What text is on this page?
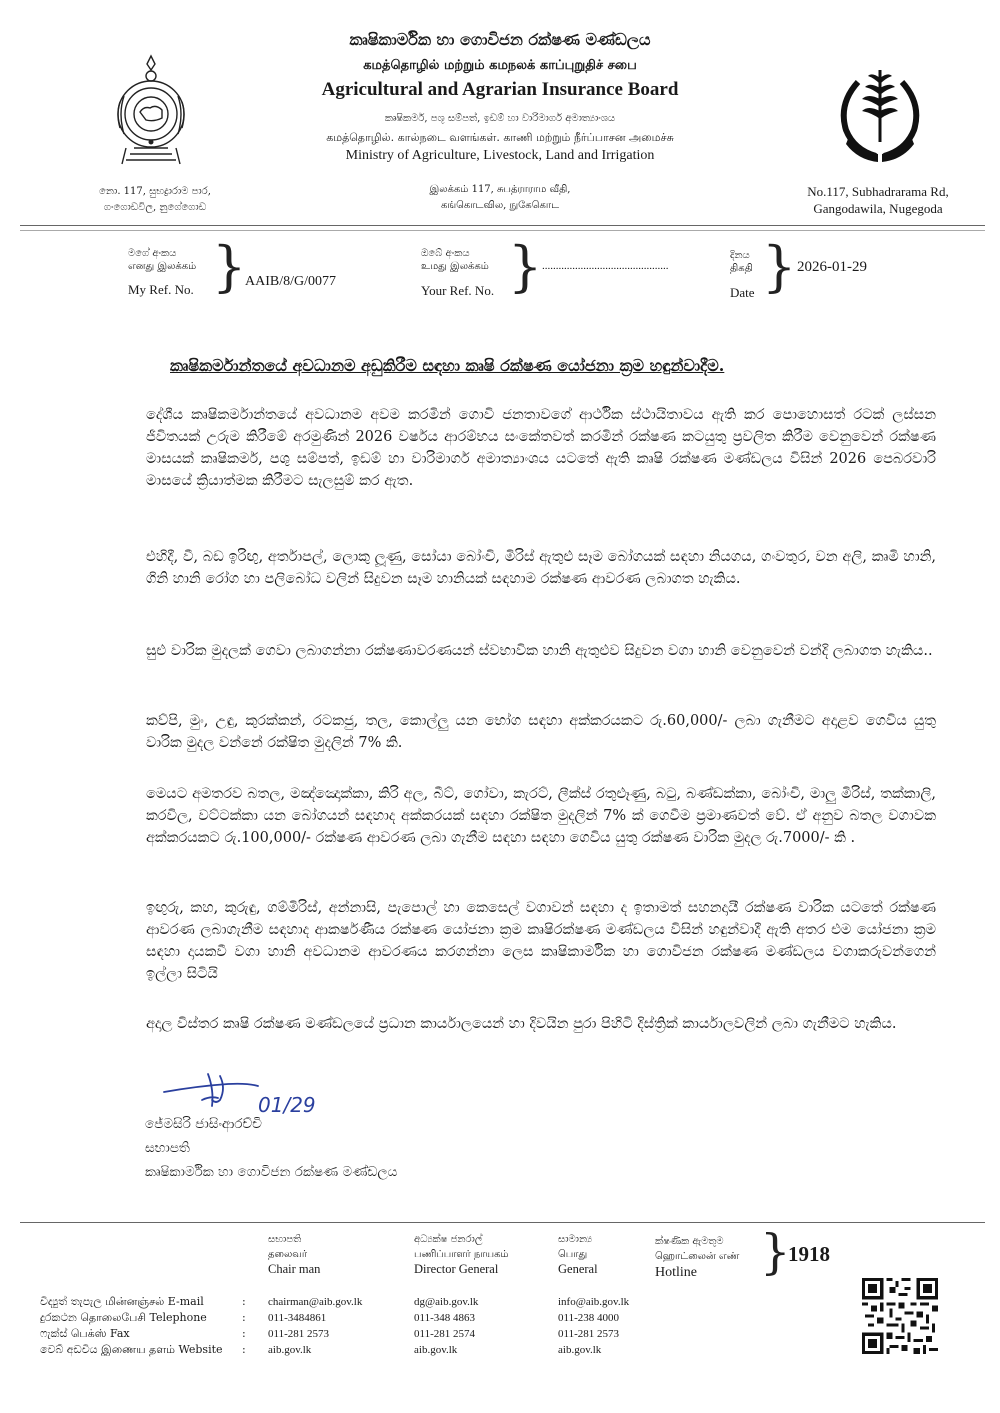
කෘෂිකාර්මික හා ගොවිජන රක්ෂණ මණ්ඩලය
கமத்தொழில் மற்றும் கமநலக் காப்புறுதிச் சபை
Agricultural and Agrarian Insurance Board
කෘෂිකර්ම, පශු සම්පත්, ඉඩම් හා වාරිමාර්ග අමාත්‍යාංශය
கமத்தொழில். கால்நடை வளங்கள். காணி மற்றும் நீர்ப்பாசன அமைச்சு
Ministry of Agriculture, Livestock, Land and Irrigation
නො. 117, සුභද්‍රාරාම පාර,
ගංගොඩවිල, නුගේගොඩ
இலக்கம் 117, சுபத்ராராம வீதி,
கங்கொடவில, நுகேகொட
No.117, Subhadrarama Rd,
Gangodawila, Nugegoda
මගේ අංකය
எனது இலக்கம்
My Ref. No. }
AAIB/8/G/0077
ඔබේ අංකය
உமது இலக்கம்
Your Ref. No. } ..............................................
දිනය
திகதி
Date } 2026-01-29
කෘෂිකර්මාන්තයේ අවධානම අඩුකිරීම සඳහා කෘෂි රක්ෂණ යෝජනා ක්‍රම හඳුන්වාදීම.
දේශීය කෘෂිකර්මාන්තයේ අවධානම අවම කරමින් ගොවි ජනතාවගේ ආර්ථික ස්ථායිතාවය ඇති කර පොහොසත් රටක් ලස්සන ජීවිතයක් උරුම කිරීමේ අරමුණින් 2026 වර්ෂය ආරම්භය සංකේතවත් කරමින් රක්ෂණ කටයුතු ප්‍රවලිත කිරීම වෙනුවෙන් රක්ෂණ මාසයක් කෘෂිකර්ම, පශු සම්පත්, ඉඩම් හා වාරිමාර්ග අමාත්‍යාංශය යටතේ ඇති කෘෂි රක්ෂණ මණ්ඩලය විසින් 2026 පෙබරවාරි මාසයේ ක්‍රියාත්මක කිරීමට සැලසුම් කර ඇත.
එහිදී, වී, බඩ ඉරිඟු, අර්තාපල්, ලොකු ලූණු, සෝයා බෝංචි, මිරිස් ඇතුළු සෑම බෝගයක් සඳහා නියගය, ගංවතුර, වන අලි, කෘමි හානි, ගිනි හානි රෝග හා පලිබෝධ වලින් සිදුවන සෑම හානියක් සඳහාම රක්ෂණ ආවරණ ලබාගත හැකිය.
සුළු වාරික මුදලක් ගෙවා ලබාගන්නා රක්ෂණාවරණයන් ස්වභාවික හානි ඇතුළුව සිදුවන වගා හානි වෙනුවෙන් වන්දි ලබාගත හැකිය..
කව්පි, මුං, උඳු, කුරක්කන්, රටකජු, තල, කොල්ලු යන භෝග සඳහා අක්කරයකට රු.60,000/- ලබා ගැනීමට අදාළව ගෙවිය යුතු වාරික මුදල වන්නේ රක්ෂිත මුදලින් 7% කි.
මෙයට අමතරව බතල, මඤ්ඤොක්කා, කිරි අල, බීට්, ගෝවා, කැරට්, ලීක්ස් රතුළූණු, බටු, බණ්ඩක්කා, බෝංචි, මාලු මිරිස්, තක්කාලි, කරවිල, වට්ටක්කා යන බෝගයන් සඳහාද අක්කරයක් සඳහා රක්ෂිත මුදලින් 7% ක් ගෙවීම ප්‍රමාණවත් වේ. ඒ අනුව බතල වගාවක අක්කරයකට රු.100,000/- රක්ෂණ ආවරණ ලබා ගැනීම සඳහා සඳහා ගෙවිය යුතු රක්ෂණ වාරික මුදල රු.7000/- කි .
ඉඟුරු, කහ, කුරුඳු, ගම්මිරිස්, අන්නාසි, පැපොල් හා කෙසෙල් වගාවන් සඳහා ද ඉතාමත් සහනදායී රක්ෂණ වාරික යටතේ රක්ෂණ ආවරණ ලබාගැනීම සඳහාද ආකර්ෂණීය රක්ෂණ යෝජනා ක්‍රම කෘෂිරක්ෂණ මණ්ඩලය විසින් හඳුන්වාදී ඇති අතර එම යෝජනා ක්‍රම සඳහා දායකවී වගා හානි අවධානම ආවරණය කරගන්නා ලෙස කෘෂිකාර්මික හා ගොවිජන රක්ෂණ මණ්ඩලය වගාකරුවන්ගෙන් ඉල්ලා සිටියි
අදාල විස්තර කෘෂි රක්ෂණ මණ්ඩලයේ ප්‍රධාන කාර්යාලයෙන් හා දිවයින පුරා පිහිටි දිස්ත්‍රික් කාර්යාලවලින් ලබා ගැනීමට හැකිය.
01/29
ජේමසිරි ජාසිංආරච්චි
සභාපති
කෘෂිකාර්මික හා ගොවිජන රක්ෂණ මණ්ඩලය
සභාපති
தலைவர்
Chair man
අධ්‍යක්ෂ ජනරාල්
பணிப்பாளர் நாயகம்
Director General
සාමාන්‍ය
பொது
General
ක්ෂණික ඇමතුම
ஹொட்லைன் எண்
Hotline	}
1918
විද්‍යුත් තැපැල மின்னஞ்சல் E-mail
දුරකථන தொலைபேசி Telephone
ෆැක්ස් பெக்ஸ் Fax
වෙබ් අඩවිය இணைய தளம் Website
:
:
:
:
chairman@aib.gov.lk
011-3484861
011-281 2573
aib.gov.lk
dg@aib.gov.lk
011-348 4863
011-281 2574
aib.gov.lk
info@aib.gov.lk
011-238 4000
011-281 2573
aib.gov.lk
